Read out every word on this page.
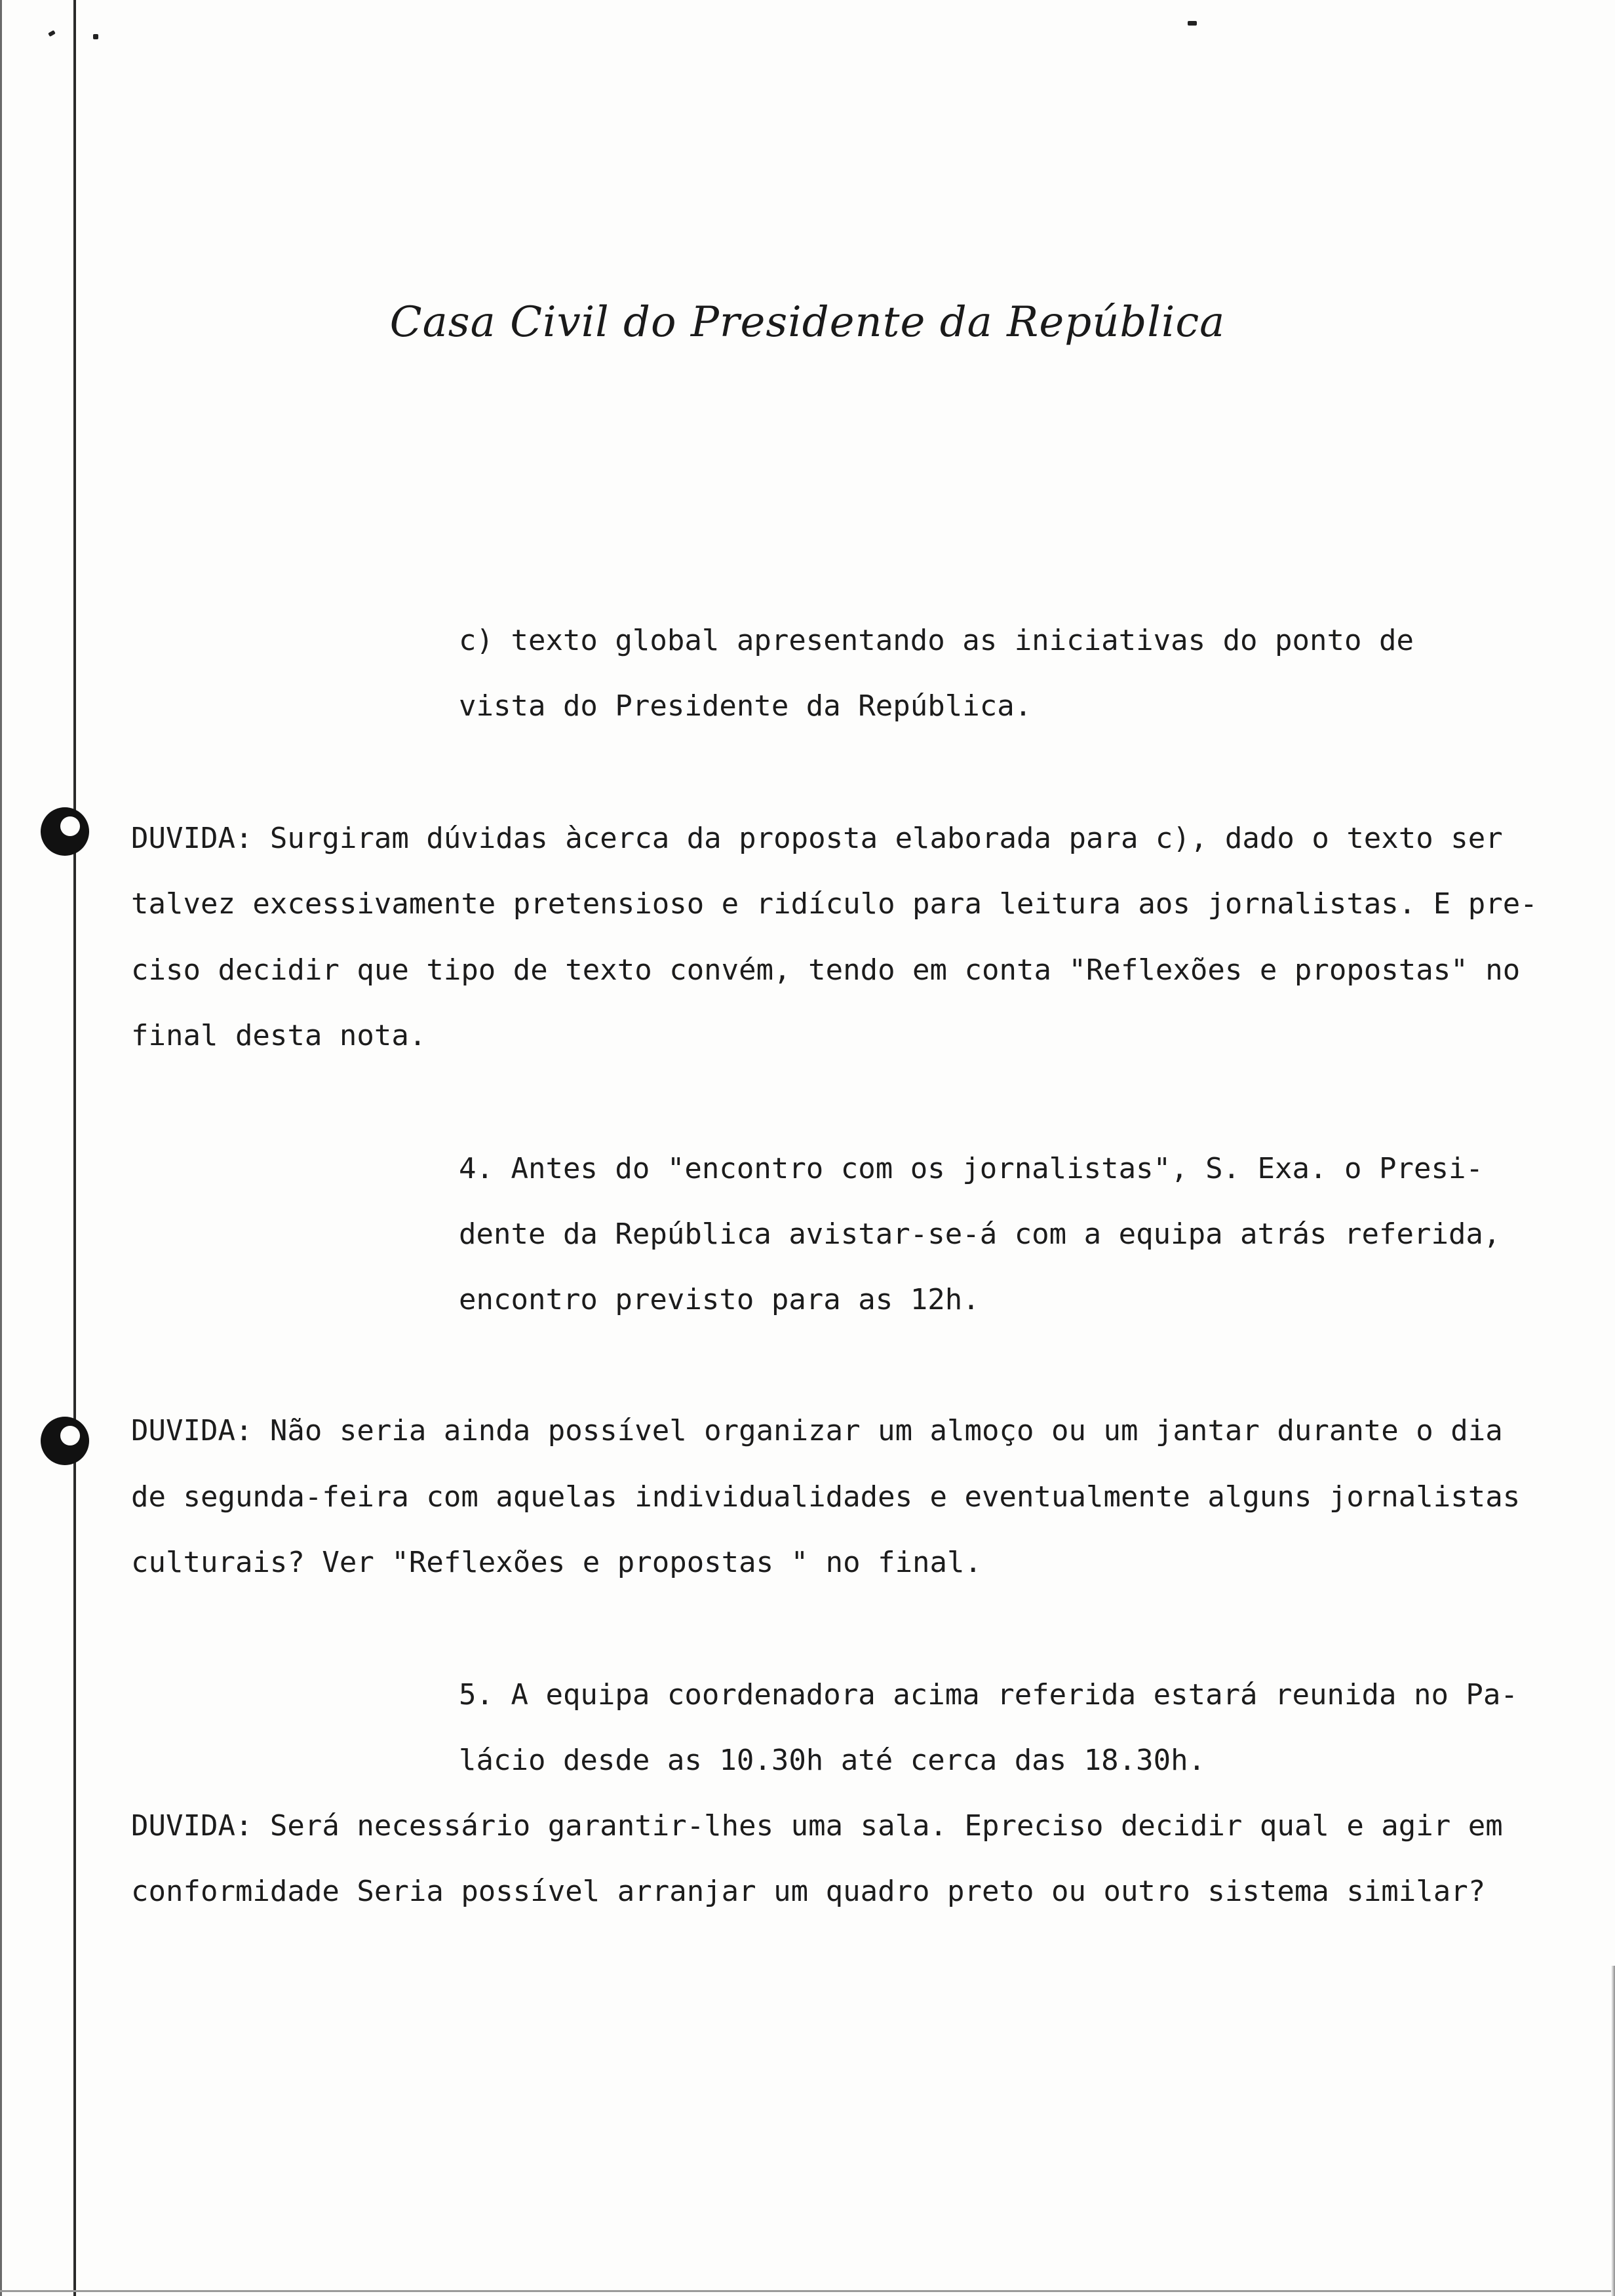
Casa Civil do Presidente da República
c) texto global apresentando as iniciativas do ponto de
vista do Presidente da República.
DUVIDA: Surgiram dúvidas àcerca da proposta elaborada para c), dado o texto ser
talvez excessivamente pretensioso e ridículo para leitura aos jornalistas. E pre-
ciso decidir que tipo de texto convém, tendo em conta "Reflexões e propostas" no
final desta nota.
4. Antes do "encontro com os jornalistas", S. Exa. o Presi-
dente da República avistar-se-á com a equipa atrás referida,
encontro previsto para as 12h.
DUVIDA: Não seria ainda possível organizar um almoço ou um jantar durante o dia
de segunda-feira com aquelas individualidades e eventualmente alguns jornalistas
culturais? Ver "Reflexões e propostas " no final.
5. A equipa coordenadora acima referida estará reunida no Pa-
lácio desde as 10.30h até cerca das 18.30h.
DUVIDA: Será necessário garantir-lhes uma sala. Epreciso decidir qual e agir em
conformidade Seria possível arranjar um quadro preto ou outro sistema similar?
